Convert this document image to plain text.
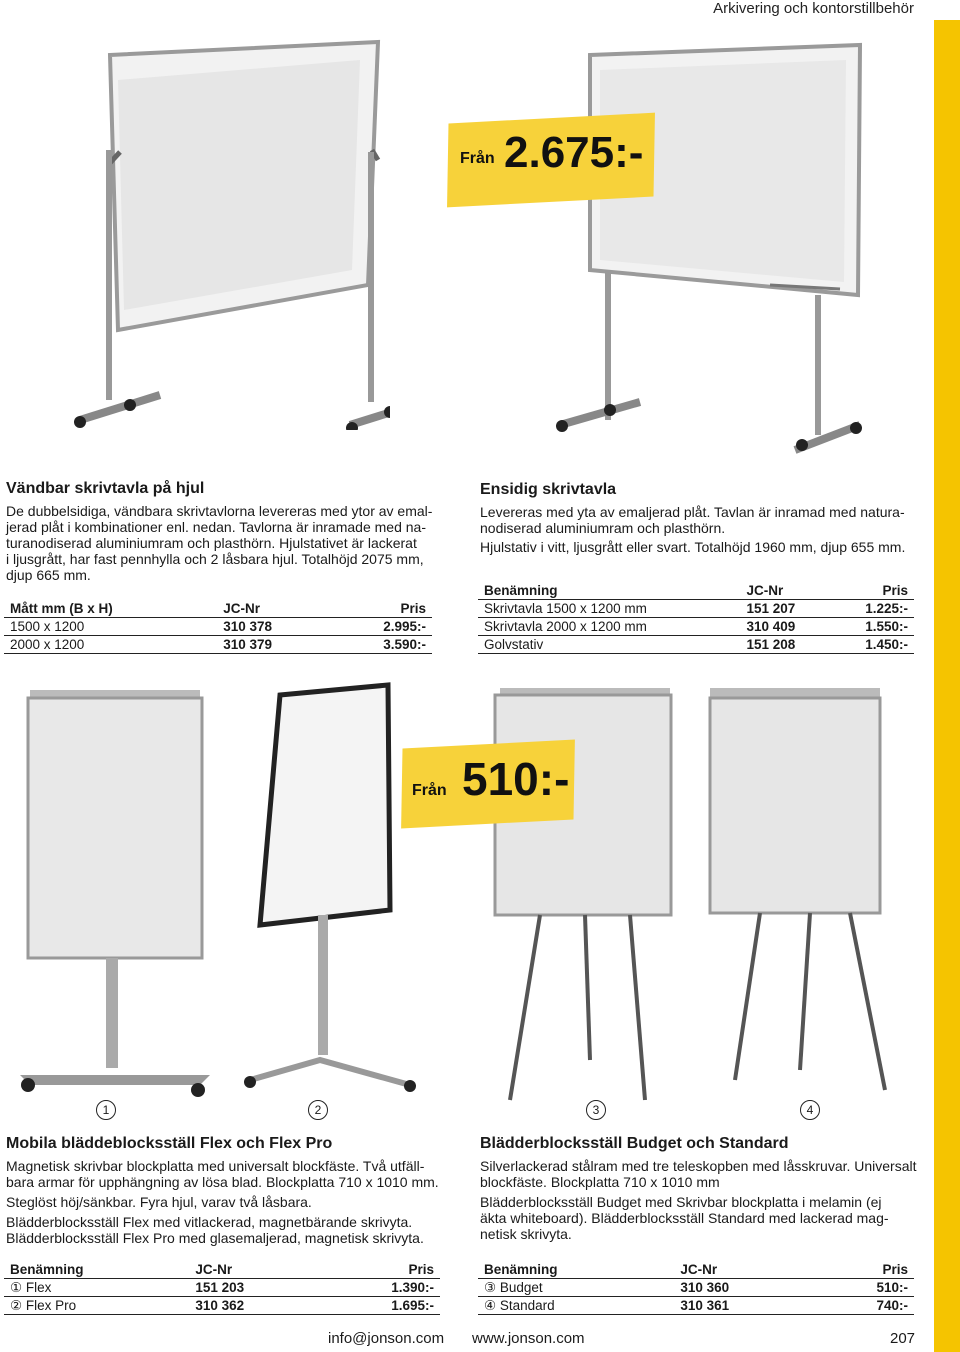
Arkivering och kontorstillbehör
Från 2.675:-
Vändbar skrivtavla på hjul
De dubbelsidiga, vändbara skrivtavlorna levereras med ytor av emal-
jerad plåt i kombinationer enl. nedan. Tavlorna är inramade med na-
turanodiserad aluminiumram och plasthörn. Hjulstativet är lackerat
i ljusgrått, har fast pennhylla och 2 låsbara hjul. Totalhöjd 2075 mm,
djup 665 mm.
Mått mm (B x H)	JC-Nr	Pris
1500 x 1200	310 378	2.995:-
2000 x 1200	310 379	3.590:-
Ensidig skrivtavla
Levereras med yta av emaljerad plåt. Tavlan är inramad med natura-
nodiserad aluminiumram och plasthörn.
Hjulstativ i vitt, ljusgrått eller svart. Totalhöjd 1960 mm, djup 655 mm.
Benämning	JC-Nr	Pris
Skrivtavla 1500 x 1200 mm	151 207	1.225:-
Skrivtavla 2000 x 1200 mm	310 409	1.550:-
Golvstativ	151 208	1.450:-
Från 510:-
1	2	3	4
Mobila bläddeblocksställ Flex och Flex Pro
Magnetisk skrivbar blockplatta med universalt blockfäste. Två utfäll-
bara armar för upphängning av lösa blad. Blockplatta 710 x 1010 mm.
Steglöst höj/sänkbar. Fyra hjul, varav två låsbara.
Blädderblocksställ Flex med vitlackerad, magnetbärande skrivyta.
Blädderblocksställ Flex Pro med glasemaljerad, magnetisk skrivyta.
Benämning	JC-Nr	Pris
① Flex	151 203	1.390:-
② Flex Pro	310 362	1.695:-
Blädderblocksställ Budget och Standard
Silverlackerad stålram med tre teleskopben med låsskruvar. Universalt
blockfäste. Blockplatta 710 x 1010 mm
Blädderblocksställ Budget med Skrivbar blockplatta i melamin (ej
äkta whiteboard). Blädderblocksställ Standard med lackerad mag-
netisk skrivyta.
Benämning	JC-Nr	Pris
③ Budget	310 360	510:-
④ Standard	310 361	740:-
info@jonson.com www.jonson.com	207
